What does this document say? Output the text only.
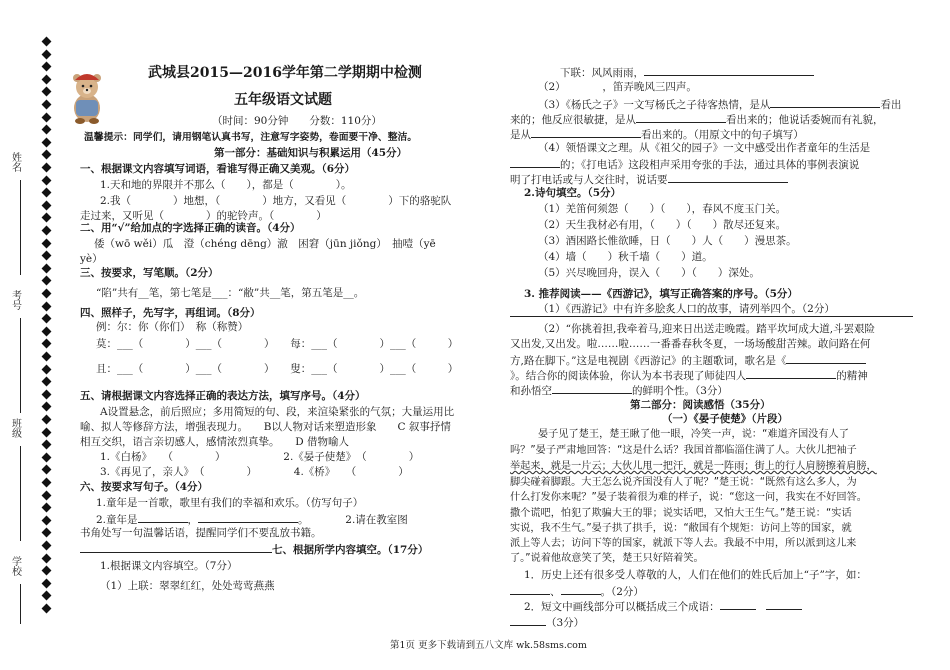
姓名
考号
班级
学校
武城县2015—2016学年第二学期期中检测
五年级语文试题
（时间：90分钟　　分数：110分）
温馨提示：同学们，请用钢笔认真书写，注意写字姿势，卷面要干净、整洁。
第一部分：基础知识与积累运用（45分）
一、根据课文内容填写词语，看谁写得正确又美观。（6分）
1.天和地的界限并不那么（　　），都是（　　　　）。
2.我（　　　　）地想，（　　　　）地方，又看见（　　　　）下的骆驼队
走过来，又听见（　　　　）的驼铃声。（　　　　）
二、用“√”给加点的字选择正确的读音。（4分）
倭（wō wěi）瓜　澄（chéng dēng）澈　困窘（jūn jiǒng）　抽噎（yē
yè）
三、按要求，写笔顺。（2分）
“陷”共有__笔，第七笔是___：“敝”共__笔，第五笔是__。
四、照样子，先写字，再组词。（8分）
例：尔：你（你们）　称（称赞）
莫：___（　　　　）___（　　　　）　　每：___（　　　　）___（　　　）
且：___（　　　　）___（　　　　）　　叟：___（　　　　）___（　　　）
五、请根据课文内容选择正确的表达方法，填写序号。（4分）
A设置悬念，前后照应；多用简短的句、段，来渲染紧张的气氛；大量运用比
喻、拟人等修辞方法，增强表现力。　　B以人物对话来塑造形象　　C 叙事抒情
相互交织，语言亲切感人，感情浓烈真挚。　　D 借物喻人
1.《白杨》　　（　　　　）　　　　　　2.《晏子使楚》　（　　　　）
3.《再见了，亲人》　（　　　　）　　　　4.《桥》　　（　　　　）
六、按要求写句子。（4分）
1.童年是一首歌，歌里有我们的幸福和欢乐。（仿写句子）
2.童年是	，	。　　　　2.请在教室图
书角处写一句温馨话语，提醒同学们不要乱放书籍。
七、根据所学内容填空。（17分）
1.根据课文内容填空。（7分）
（1）上联：翠翠红红，处处莺莺燕燕
下联：风风雨雨，
（2）　　　　，笛弄晚风三四声。
（3）《杨氏之子》一文写杨氏之子待客热情，是从	看出
来的；他反应很敏捷，是从	看出来的；他说话委婉而有礼貌，
是从	看出来的。（用原文中的句子填写）
（4）领悟课文之理。从《祖父的园子》一文中感受出作者童年的生活是
的；《打电话》这段相声采用夸张的手法，通过具体的事例表演说
明了打电话或与人交往时，说话要
2.诗句填空。（5分）
（1）羌笛何须怨（　　）（　　），春风不度玉门关。
（2）天生我材必有用，（　　）（　　）散尽还复来。
（3）酒困路长惟欲睡，日（　　）人（　　）漫思茶。
（4）墙（　　）秋千墙（　　）道。
（5）兴尽晚回舟，误入（　　）（　　）深处。
3. 推荐阅读——《西游记》，填写正确答案的序号。（5分）
（1）《西游记》中有许多脍炙人口的故事，请列举四个。（2分）
（2）“你挑着担,我牵着马,迎来日出送走晚霞。踏平坎坷成大道,斗罢艰险
又出发,又出发。啦……啦……一番番春秋冬夏，一场场酸甜苦辣。敢问路在何
方,路在脚下。”这是电视剧《西游记》的主题歌词，歌名是《
》。结合你的阅读体验，你认为本书表现了师徒四人	的精神
和孙悟空	的鲜明个性。（3分）
第二部分：阅读感悟（35分）
（一）《晏子使楚》（片段）
晏子见了楚王，楚王瞅了他一眼，冷笑一声，说：“难道齐国没有人了
吗？”晏子严肃地回答：“这是什么话？我国首都临淄住满了人。大伙儿把袖子
举起来，就是一片云；大伙儿甩一把汗，就是一阵雨；街上的行人肩膀擦着肩膀，
脚尖碰着脚跟。大王怎么说齐国没有人了呢？”楚王说：“既然有这么多人，为
什么打发你来呢？”晏子装着很为难的样子，说：“您这一问，我实在不好回答。
撒个谎吧，怕犯了欺骗大王的罪；说实话吧，又怕大王生气。”楚王说：“实话
实说，我不生气。”晏子拱了拱手，说：“敝国有个规矩：访问上等的国家，就
派上等人去；访问下等的国家，就派下等人去。我最不中用，所以派到这儿来
了。”说着他故意笑了笑，楚王只好陪着笑。
1．历史上还有很多受人尊敬的人，人们在他们的姓氏后加上“子”字，如：
、	。（2分）
2．短文中画线部分可以概括成三个成语：　
（3分）
第1页 更多下载请到五八文库 wk.58sms.com
